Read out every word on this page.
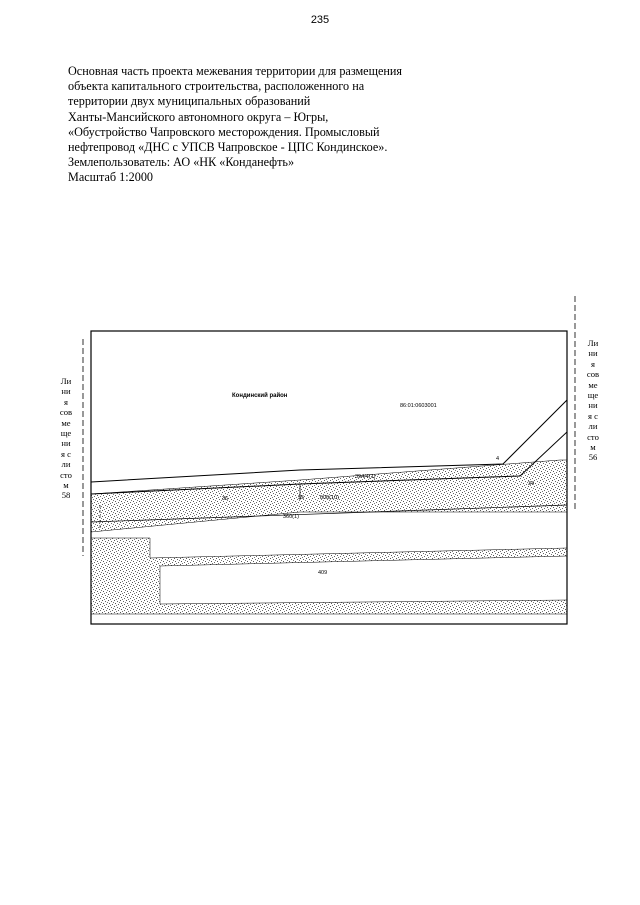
235
Основная часть проекта межевания территории для размещения
объекта капитального строительства, расположенного на
территории двух муниципальных образований
Ханты-Мансийского автономного округа – Югры,
«Обустройство Чапровского месторождения. Промысловый
нефтепровод «ДНС с УПСВ Чапровское - ЦПС Кондинское».
Землепользователь: АО «НК «Конданефть»
Масштаб 1:2000
Ли
ни
я
сов
ме
ще
ни
я с
ли
сто
м
58
Ли
ни
я
сов
ме
ще
ни
я с
ли
сто
м
56
Кондинский район
86:01:0603001
4
394/4(1)
34
36	35	505(10)
360(1)
409
